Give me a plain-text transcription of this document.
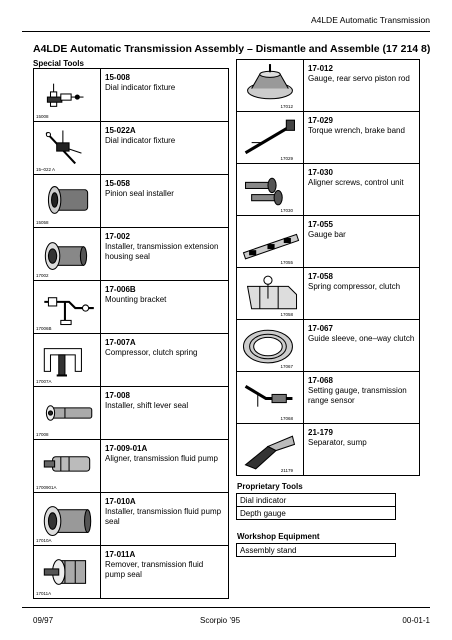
A4LDE Automatic Transmission
A4LDE Automatic Transmission Assembly – Dismantle and Assemble (17 214 8)
Special Tools
15008	15-008
Dial indicator fixture

15–022 A	15-022A
Dial indicator fixture

15058	15-058
Pinion seal installer

17002	17-002
Installer, transmission extension housing seal

17006B	17-006B
Mounting bracket

17007A	17-007A
Compressor, clutch spring

17008	17-008
Installer, shift lever seal

1700901A	17-009-01A
Aligner, transmission fluid pump

17010A	17-010A
Installer, transmission fluid pump seal

17011A	17-011A
Remover, transmission fluid pump seal
17012	17-012
Gauge, rear servo piston rod

17029	17-029
Torque wrench, brake band

17030	17-030
Aligner screws, control unit

17055	17-055
Gauge bar

17058	17-058
Spring compressor, clutch

17067	17-067
Guide sleeve, one–way clutch

17068	17-068
Setting gauge, transmission range sensor

21179	21-179
Separator, sump
Proprietary Tools
Dial indicator
Depth gauge
Workshop Equipment
Assembly stand
09/97	Scorpio ’95	00-01-1
